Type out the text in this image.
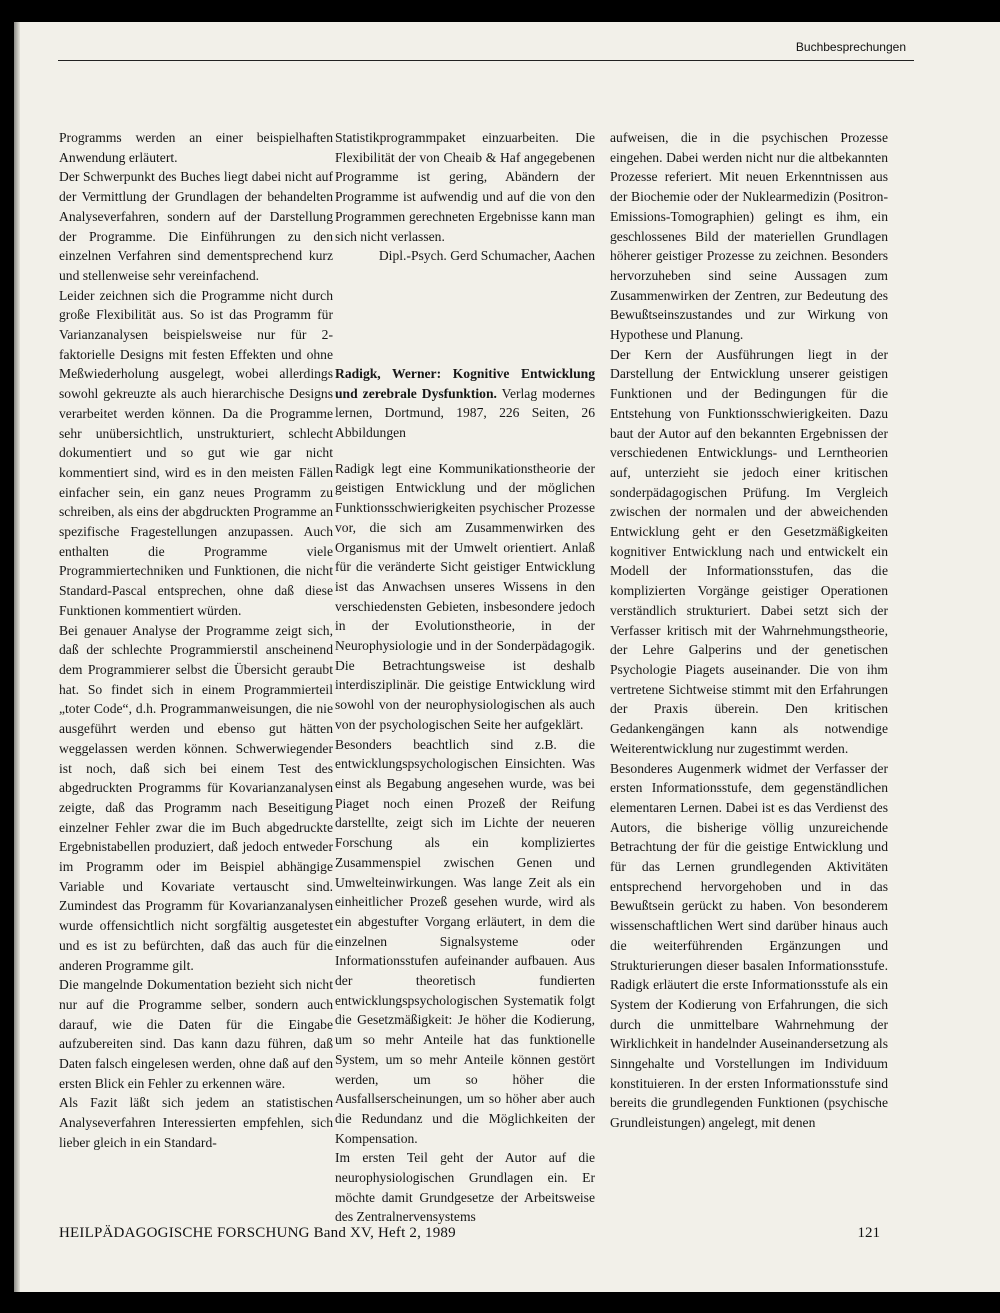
Buchbesprechungen

Programms werden an einer beispielhaften Anwendung erläutert.

Der Schwerpunkt des Buches liegt dabei nicht auf der Vermittlung der Grundlagen der behandelten Analyseverfahren, sondern auf der Darstellung der Programme. Die Einführungen zu den einzelnen Verfahren sind dementsprechend kurz und stellenweise sehr vereinfachend.

Leider zeichnen sich die Programme nicht durch große Flexibilität aus. So ist das Programm für Varianzanalysen beispielsweise nur für 2-faktorielle Designs mit festen Effekten und ohne Meßwiederholung ausgelegt, wobei allerdings sowohl gekreuzte als auch hierarchische Designs verarbeitet werden können. Da die Programme sehr unübersichtlich, unstrukturiert, schlecht dokumentiert und so gut wie gar nicht kommentiert sind, wird es in den meisten Fällen einfacher sein, ein ganz neues Programm zu schreiben, als eins der abgdruckten Programme an spezifische Fragestellungen anzupassen. Auch enthalten die Programme viele Programmiertechniken und Funktionen, die nicht Standard-Pascal entsprechen, ohne daß diese Funktionen kommentiert würden.

Bei genauer Analyse der Programme zeigt sich, daß der schlechte Programmierstil anscheinend dem Programmierer selbst die Übersicht geraubt hat. So findet sich in einem Programmierteil „toter Code“, d.h. Programmanweisungen, die nie ausgeführt werden und ebenso gut hätten weggelassen werden können. Schwerwiegender ist noch, daß sich bei einem Test des abgedruckten Programms für Kovarianzanalysen zeigte, daß das Programm nach Beseitigung einzelner Fehler zwar die im Buch abgedruckte Ergebnistabellen produziert, daß jedoch entweder im Programm oder im Beispiel abhängige Variable und Kovariate vertauscht sind. Zumindest das Programm für Kovarianzanalysen wurde offensichtlich nicht sorgfältig ausgetestet und es ist zu befürchten, daß das auch für die anderen Programme gilt.

Die mangelnde Dokumentation bezieht sich nicht nur auf die Programme selber, sondern auch darauf, wie die Daten für die Eingabe aufzubereiten sind. Das kann dazu führen, daß Daten falsch eingelesen werden, ohne daß auf den ersten Blick ein Fehler zu erkennen wäre.

Als Fazit läßt sich jedem an statistischen Analyseverfahren Interessierten empfehlen, sich lieber gleich in ein Standard-

Statistikprogrammpaket einzuarbeiten. Die Flexibilität der von Cheaib & Haf angegebenen Programme ist gering, Abändern der Programme ist aufwendig und auf die von den Programmen gerechneten Ergebnisse kann man sich nicht verlassen.

Dipl.-Psych. Gerd Schumacher, Aachen

Radigk, Werner: Kognitive Entwicklung und zerebrale Dysfunktion. Verlag modernes lernen, Dortmund, 1987, 226 Seiten, 26 Abbildungen

Radigk legt eine Kommunikationstheorie der geistigen Entwicklung und der möglichen Funktionsschwierigkeiten psychischer Prozesse vor, die sich am Zusammenwirken des Organismus mit der Umwelt orientiert. Anlaß für die veränderte Sicht geistiger Entwicklung ist das Anwachsen unseres Wissens in den verschiedensten Gebieten, insbesondere jedoch in der Evolutionstheorie, in der Neurophysiologie und in der Sonderpädagogik. Die Betrachtungsweise ist deshalb interdisziplinär. Die geistige Entwicklung wird sowohl von der neurophysiologischen als auch von der psychologischen Seite her aufgeklärt.

Besonders beachtlich sind z.B. die entwicklungspsychologischen Einsichten. Was einst als Begabung angesehen wurde, was bei Piaget noch einen Prozeß der Reifung darstellte, zeigt sich im Lichte der neueren Forschung als ein kompliziertes Zusammenspiel zwischen Genen und Umwelteinwirkungen. Was lange Zeit als ein einheitlicher Prozeß gesehen wurde, wird als ein abgestufter Vorgang erläutert, in dem die einzelnen Signalsysteme oder Informationsstufen aufeinander aufbauen. Aus der theoretisch fundierten entwicklungspsychologischen Systematik folgt die Gesetzmäßigkeit: Je höher die Kodierung, um so mehr Anteile hat das funktionelle System, um so mehr Anteile können gestört werden, um so höher die Ausfallserscheinungen, um so höher aber auch die Redundanz und die Möglichkeiten der Kompensation.

Im ersten Teil geht der Autor auf die neurophysiologischen Grundlagen ein. Er möchte damit Grundgesetze der Arbeitsweise des Zentralnervensystems

aufweisen, die in die psychischen Prozesse eingehen. Dabei werden nicht nur die altbekannten Prozesse referiert. Mit neuen Erkenntnissen aus der Biochemie oder der Nuklearmedizin (Positron-Emissions-Tomographien) gelingt es ihm, ein geschlossenes Bild der materiellen Grundlagen höherer geistiger Prozesse zu zeichnen. Besonders hervorzuheben sind seine Aussagen zum Zusammenwirken der Zentren, zur Bedeutung des Bewußtseinszustandes und zur Wirkung von Hypothese und Planung.

Der Kern der Ausführungen liegt in der Darstellung der Entwicklung unserer geistigen Funktionen und der Bedingungen für die Entstehung von Funktionsschwierigkeiten. Dazu baut der Autor auf den bekannten Ergebnissen der verschiedenen Entwicklungs- und Lerntheorien auf, unterzieht sie jedoch einer kritischen sonderpädagogischen Prüfung. Im Vergleich zwischen der normalen und der abweichenden Entwicklung geht er den Gesetzmäßigkeiten kognitiver Entwicklung nach und entwickelt ein Modell der Informationsstufen, das die komplizierten Vorgänge geistiger Operationen verständlich strukturiert. Dabei setzt sich der Verfasser kritisch mit der Wahrnehmungstheorie, der Lehre Galperins und der genetischen Psychologie Piagets auseinander. Die von ihm vertretene Sichtweise stimmt mit den Erfahrungen der Praxis überein. Den kritischen Gedankengängen kann als notwendige Weiterentwicklung nur zugestimmt werden.

Besonderes Augenmerk widmet der Verfasser der ersten Informationsstufe, dem gegenständlichen elementaren Lernen. Dabei ist es das Verdienst des Autors, die bisherige völlig unzureichende Betrachtung der für die geistige Entwicklung und für das Lernen grundlegenden Aktivitäten entsprechend hervorgehoben und in das Bewußtsein gerückt zu haben. Von besonderem wissenschaftlichen Wert sind darüber hinaus auch die weiterführenden Ergänzungen und Strukturierungen dieser basalen Informationsstufe. Radigk erläutert die erste Informationsstufe als ein System der Kodierung von Erfahrungen, die sich durch die unmittelbare Wahrnehmung der Wirklichkeit in handelnder Auseinandersetzung als Sinngehalte und Vorstellungen im Individuum konstituieren. In der ersten Informationsstufe sind bereits die grundlegenden Funktionen (psychische Grundleistungen) angelegt, mit denen

HEILPÄDAGOGISCHE FORSCHUNG Band XV, Heft 2, 1989	121
